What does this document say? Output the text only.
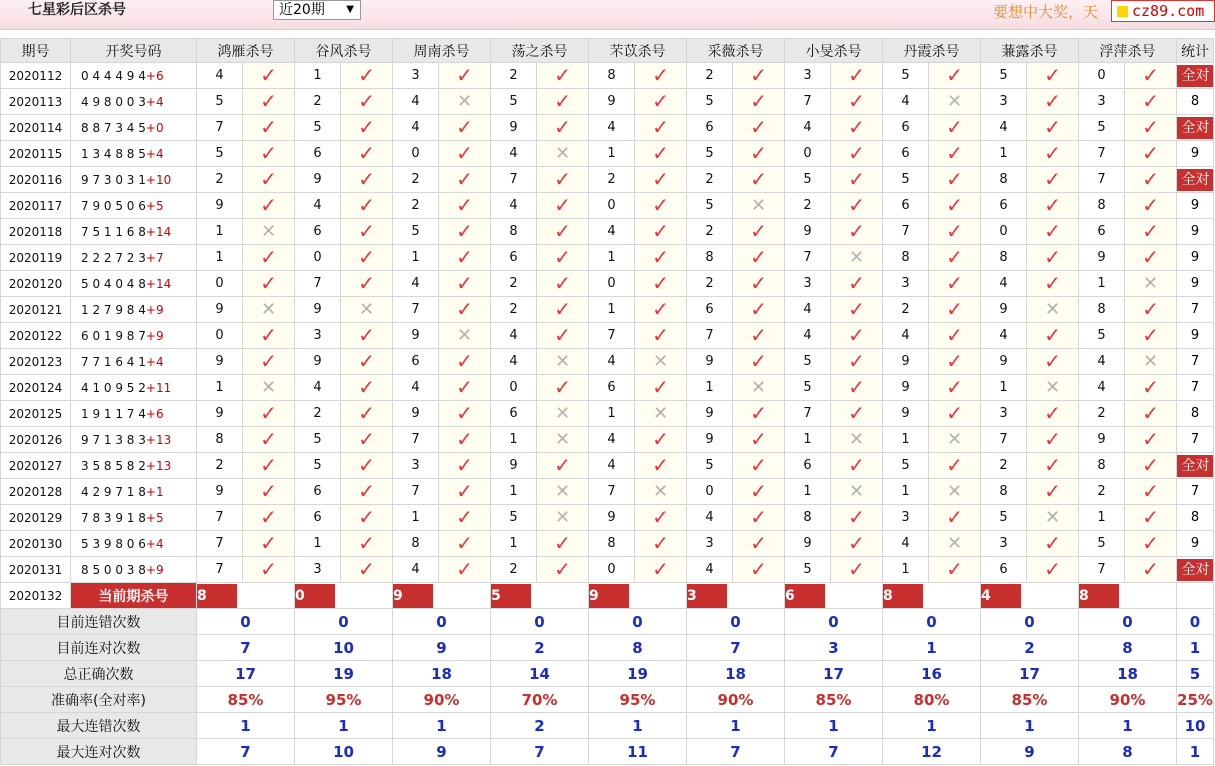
七星彩后区杀号	近20期 ▼	要想中大奖，天	cz89.com
期号	开奖号码	鸿雁杀号		谷风杀号		周南杀号		荡之杀号		芣苡杀号		采薇杀号		小旻杀号		丹霞杀号		蒹露杀号		浮萍杀号		统计
2020112	0 4 4 4 9 4+6	4	✓	1	✓	3	✓	2	✓	8	✓	2	✓	3	✓	5	✓	5	✓	0	✓	全对
2020113	4 9 8 0 0 3+4	5	✓	2	✓	4	✕	5	✓	9	✓	5	✓	7	✓	4	✕	3	✓	3	✓	8
2020114	8 8 7 3 4 5+0	7	✓	5	✓	4	✓	9	✓	4	✓	6	✓	4	✓	6	✓	4	✓	5	✓	全对
2020115	1 3 4 8 8 5+4	5	✓	6	✓	0	✓	4	✕	1	✓	5	✓	0	✓	6	✓	1	✓	7	✓	9
2020116	9 7 3 0 3 1+10	2	✓	9	✓	2	✓	7	✓	2	✓	2	✓	5	✓	5	✓	8	✓	7	✓	全对
2020117	7 9 0 5 0 6+5	9	✓	4	✓	2	✓	4	✓	0	✓	5	✕	2	✓	6	✓	6	✓	8	✓	9
2020118	7 5 1 1 6 8+14	1	✕	6	✓	5	✓	8	✓	4	✓	2	✓	9	✓	7	✓	0	✓	6	✓	9
2020119	2 2 2 7 2 3+7	1	✓	0	✓	1	✓	6	✓	1	✓	8	✓	7	✕	8	✓	8	✓	9	✓	9
2020120	5 0 4 0 4 8+14	0	✓	7	✓	4	✓	2	✓	0	✓	2	✓	3	✓	3	✓	4	✓	1	✕	9
2020121	1 2 7 9 8 4+9	9	✕	9	✕	7	✓	2	✓	1	✓	6	✓	4	✓	2	✓	9	✕	8	✓	7
2020122	6 0 1 9 8 7+9	0	✓	3	✓	9	✕	4	✓	7	✓	7	✓	4	✓	4	✓	4	✓	5	✓	9
2020123	7 7 1 6 4 1+4	9	✓	9	✓	6	✓	4	✕	4	✕	9	✓	5	✓	9	✓	9	✓	4	✕	7
2020124	4 1 0 9 5 2+11	1	✕	4	✓	4	✓	0	✓	6	✓	1	✕	5	✓	9	✓	1	✕	4	✓	7
2020125	1 9 1 1 7 4+6	9	✓	2	✓	9	✓	6	✕	1	✕	9	✓	7	✓	9	✓	3	✓	2	✓	8
2020126	9 7 1 3 8 3+13	8	✓	5	✓	7	✓	1	✕	4	✓	9	✓	1	✕	1	✕	7	✓	9	✓	7
2020127	3 5 8 5 8 2+13	2	✓	5	✓	3	✓	9	✓	4	✓	5	✓	6	✓	5	✓	2	✓	8	✓	全对
2020128	4 2 9 7 1 8+1	9	✓	6	✓	7	✓	1	✕	7	✕	0	✓	1	✕	1	✕	8	✓	2	✓	7
2020129	7 8 3 9 1 8+5	7	✓	6	✓	1	✓	5	✕	9	✓	4	✓	8	✓	3	✓	5	✕	1	✓	8
2020130	5 3 9 8 0 6+4	7	✓	1	✓	8	✓	1	✓	8	✓	3	✓	9	✓	4	✕	3	✓	5	✓	9
2020131	8 5 0 0 3 8+9	7	✓	3	✓	4	✓	2	✓	0	✓	4	✓	5	✓	1	✓	6	✓	7	✓	全对
2020132	当前期杀号	8		0		9		5		9		3		6		8		4		8		
目前连错次数		0		0		0		0		0		0		0		0		0		0		0
目前连对次数		7		10		9		2		8		7		3		1		2		8		1
总正确次数		17		19		18		14		19		18		17		16		17		18		5
准确率(全对率)		85%		95%		90%		70%		95%		90%		85%		80%		85%		90%		25%
最大连错次数		1		1		1		2		1		1		1		1		1		1		10
最大连对次数		7		10		9		7		11		7		7		12		9		8		1
